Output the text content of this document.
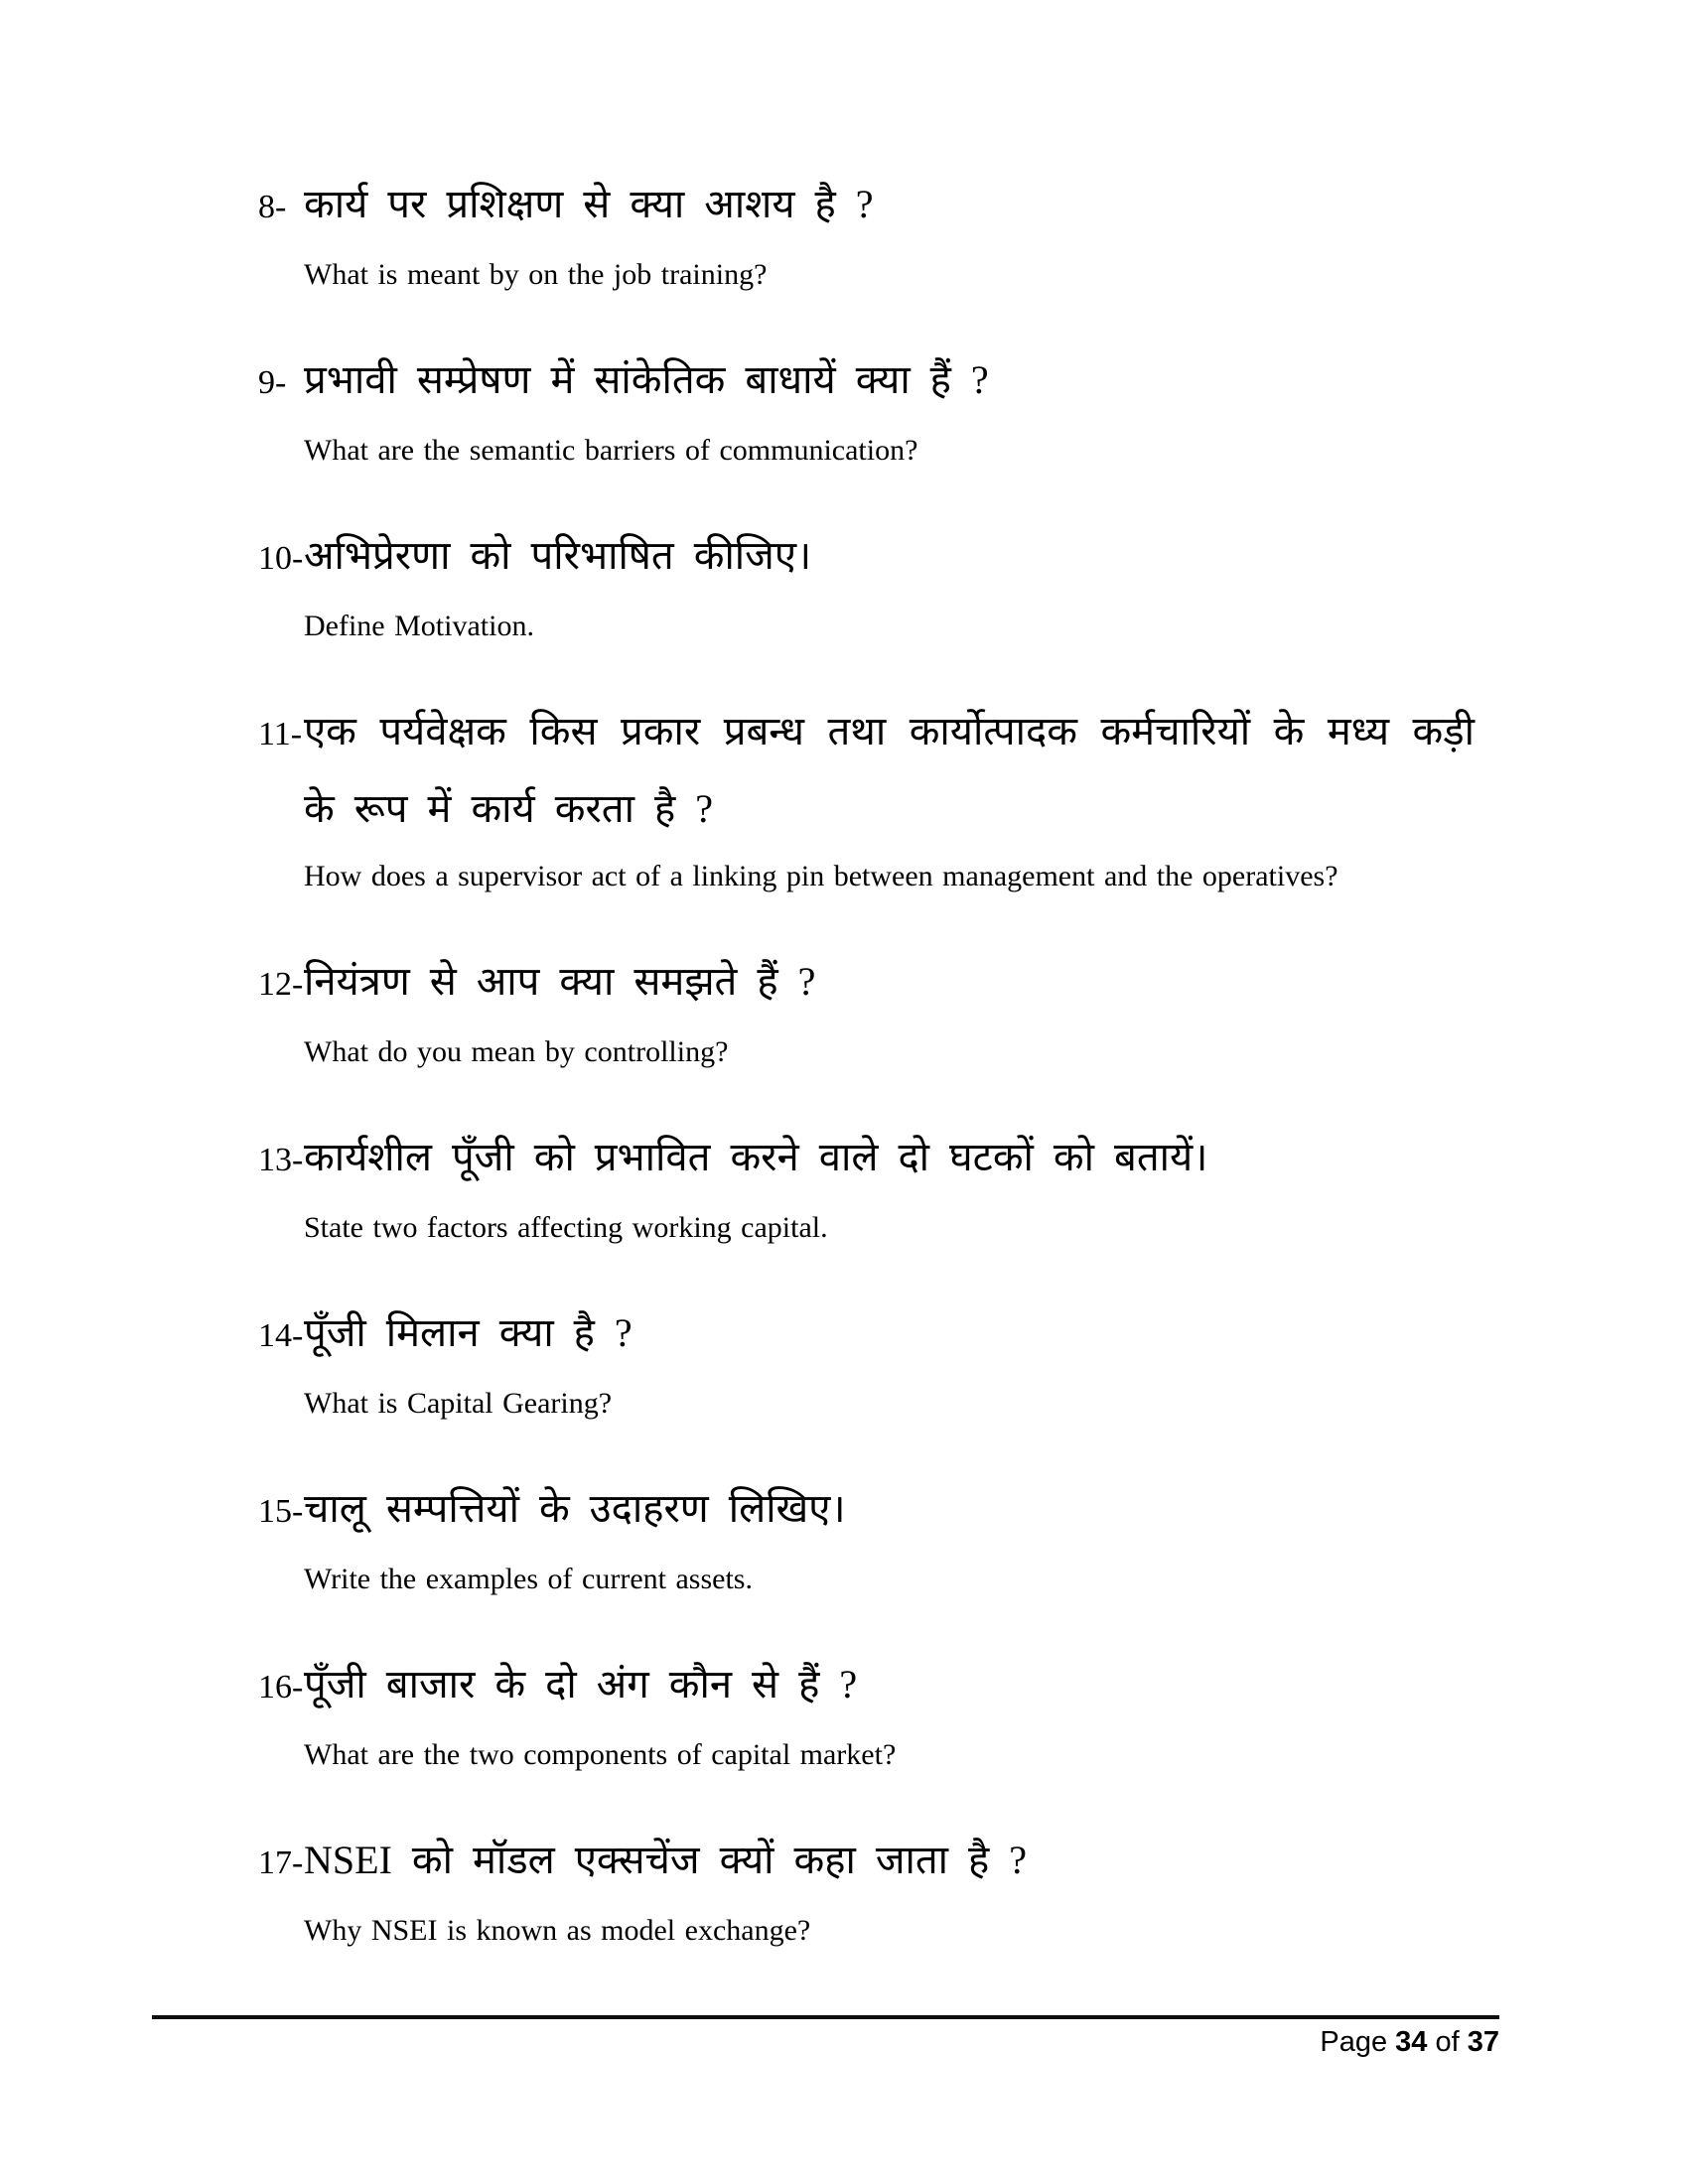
8- कार्य पर प्रशिक्षण से क्या आशय है ?

What is meant by on the job training?

9- प्रभावी सम्प्रेषण में सांकेतिक बाधायें क्या हैं ?

What are the semantic barriers of communication?

10-अभिप्रेरणा को परिभाषित कीजिए।

Define Motivation.

11-एक पर्यवेक्षक किस प्रकार प्रबन्ध तथा कार्योत्पादक कर्मचारियों के मध्य कड़ी के रूप में कार्य करता है ?

How does a supervisor act of a linking pin between management and the operatives?

12-नियंत्रण से आप क्या समझते हैं ?

What do you mean by controlling?

13-कार्यशील पूँजी को प्रभावित करने वाले दो घटकों को बतायें।

State two factors affecting working capital.

14-पूँजी मिलान क्या है ?

What is Capital Gearing?

15-चालू सम्पत्तियों के उदाहरण लिखिए।

Write the examples of current assets.

16-पूँजी बाजार के दो अंग कौन से हैं ?

What are the two components of capital market?

17-NSEI को मॉडल एक्सचेंज क्यों कहा जाता है ?

Why NSEI is known as model exchange?

Page 34 of 37
